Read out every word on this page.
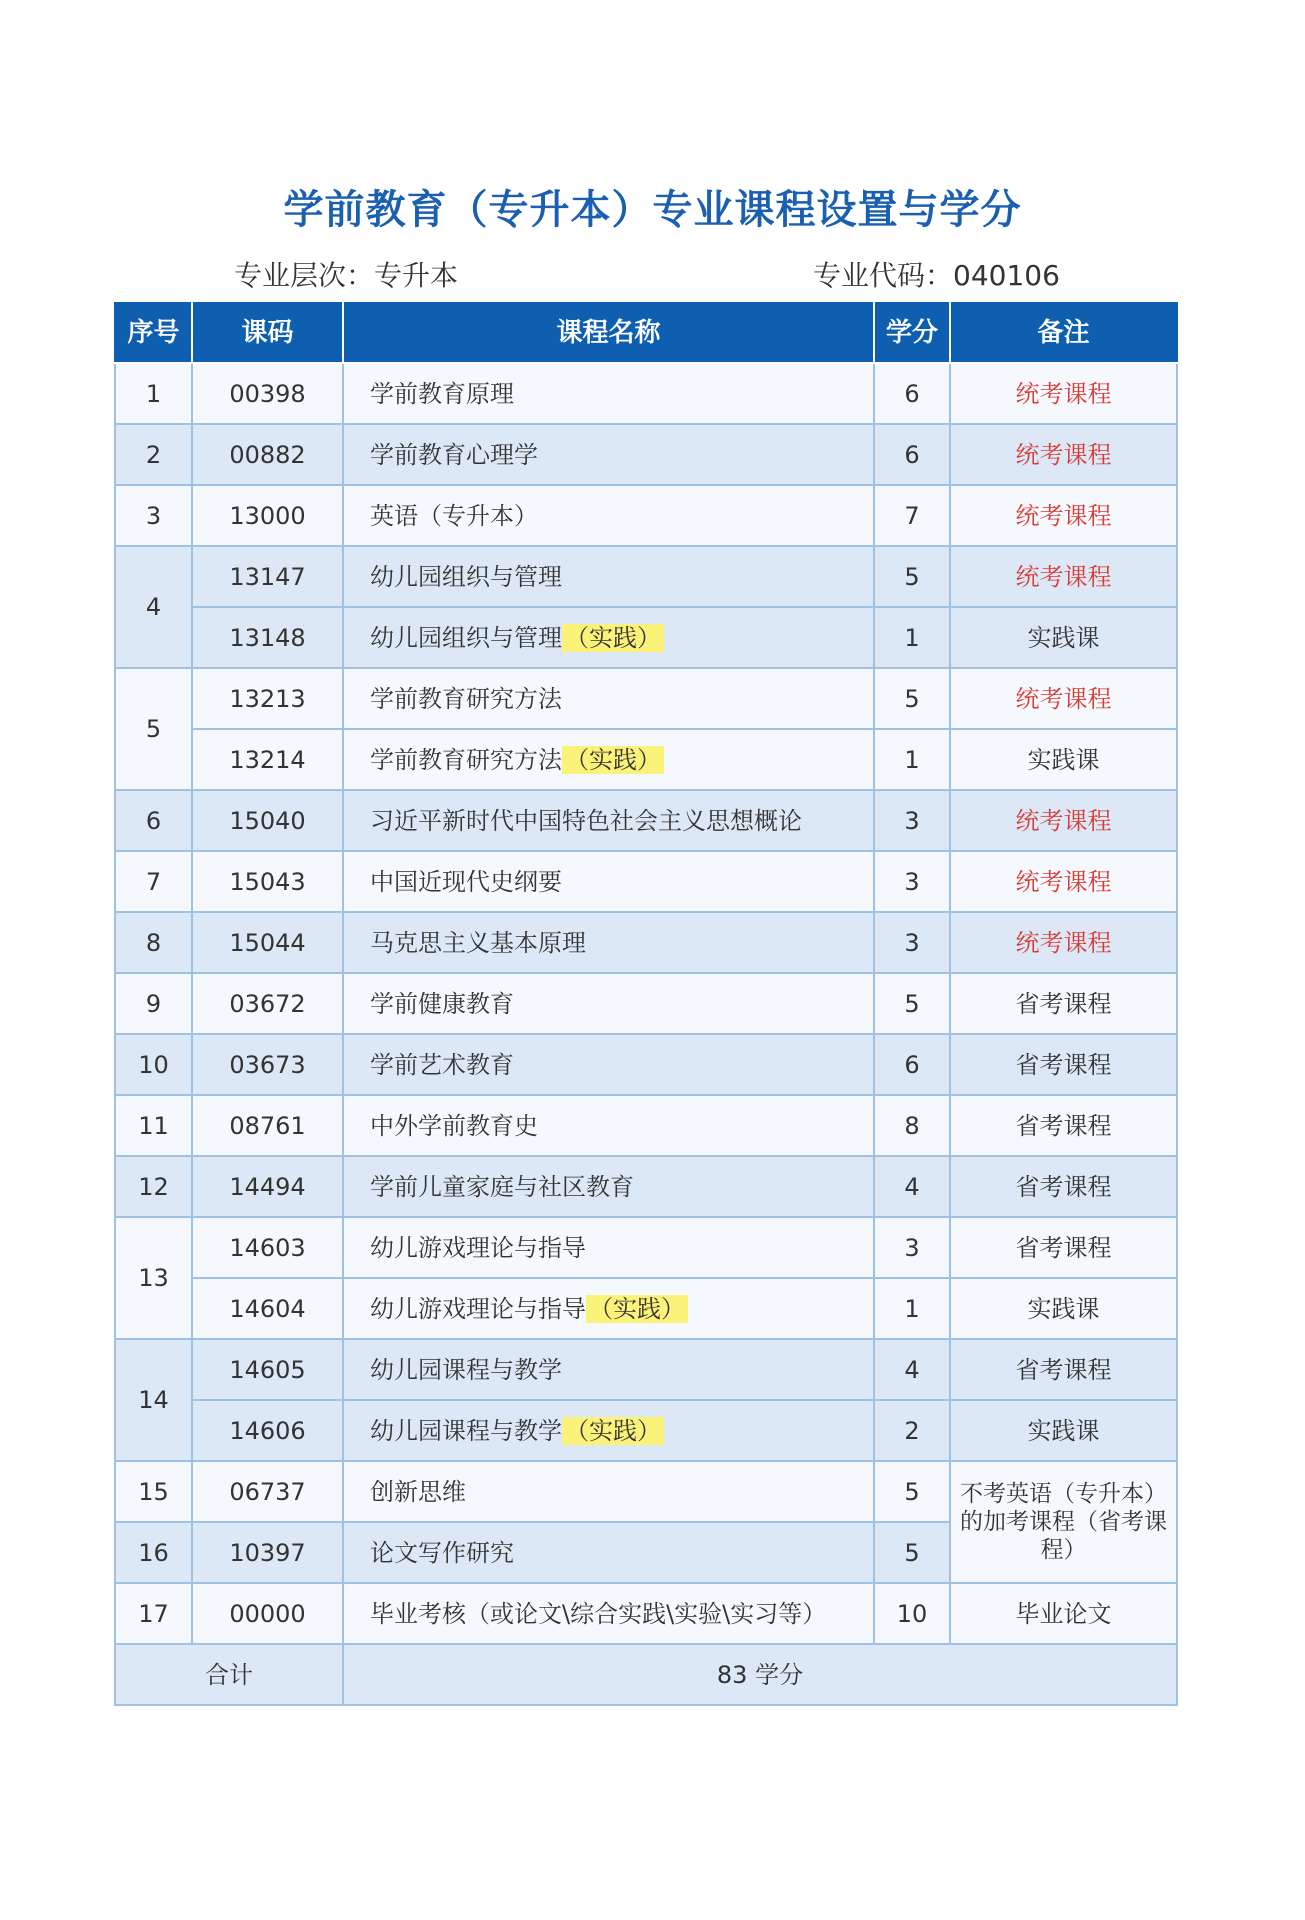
学前教育（专升本）专业课程设置与学分
专业层次：专升本	专业代码：040106
序号	课码	课程名称	学分	备注
1	00398	学前教育原理	6	统考课程
2	00882	学前教育心理学	6	统考课程
3	13000	英语（专升本）	7	统考课程
4	13147	幼儿园组织与管理	5	统考课程
	13148	幼儿园组织与管理 （实践）	1	实践课
5	13213	学前教育研究方法	5	统考课程
	13214	学前教育研究方法 （实践）	1	实践课
6	15040	习近平新时代中国特色社会主义思想概论	3	统考课程
7	15043	中国近现代史纲要	3	统考课程
8	15044	马克思主义基本原理	3	统考课程
9	03672	学前健康教育	5	省考课程
10	03673	学前艺术教育	6	省考课程
11	08761	中外学前教育史	8	省考课程
12	14494	学前儿童家庭与社区教育	4	省考课程
13	14603	幼儿游戏理论与指导	3	省考课程
	14604	幼儿游戏理论与指导 （实践）	1	实践课
14	14605	幼儿园课程与教学	4	省考课程
	14606	幼儿园课程与教学 （实践）	2	实践课
15	06737	创新思维	5	不考英语（专升本）的加考课程（省考课程）
16	10397	论文写作研究	5	
17	00000	毕业考核（或论文\综合实践\实验\实习等）	10	毕业论文
合计		83 学分		
